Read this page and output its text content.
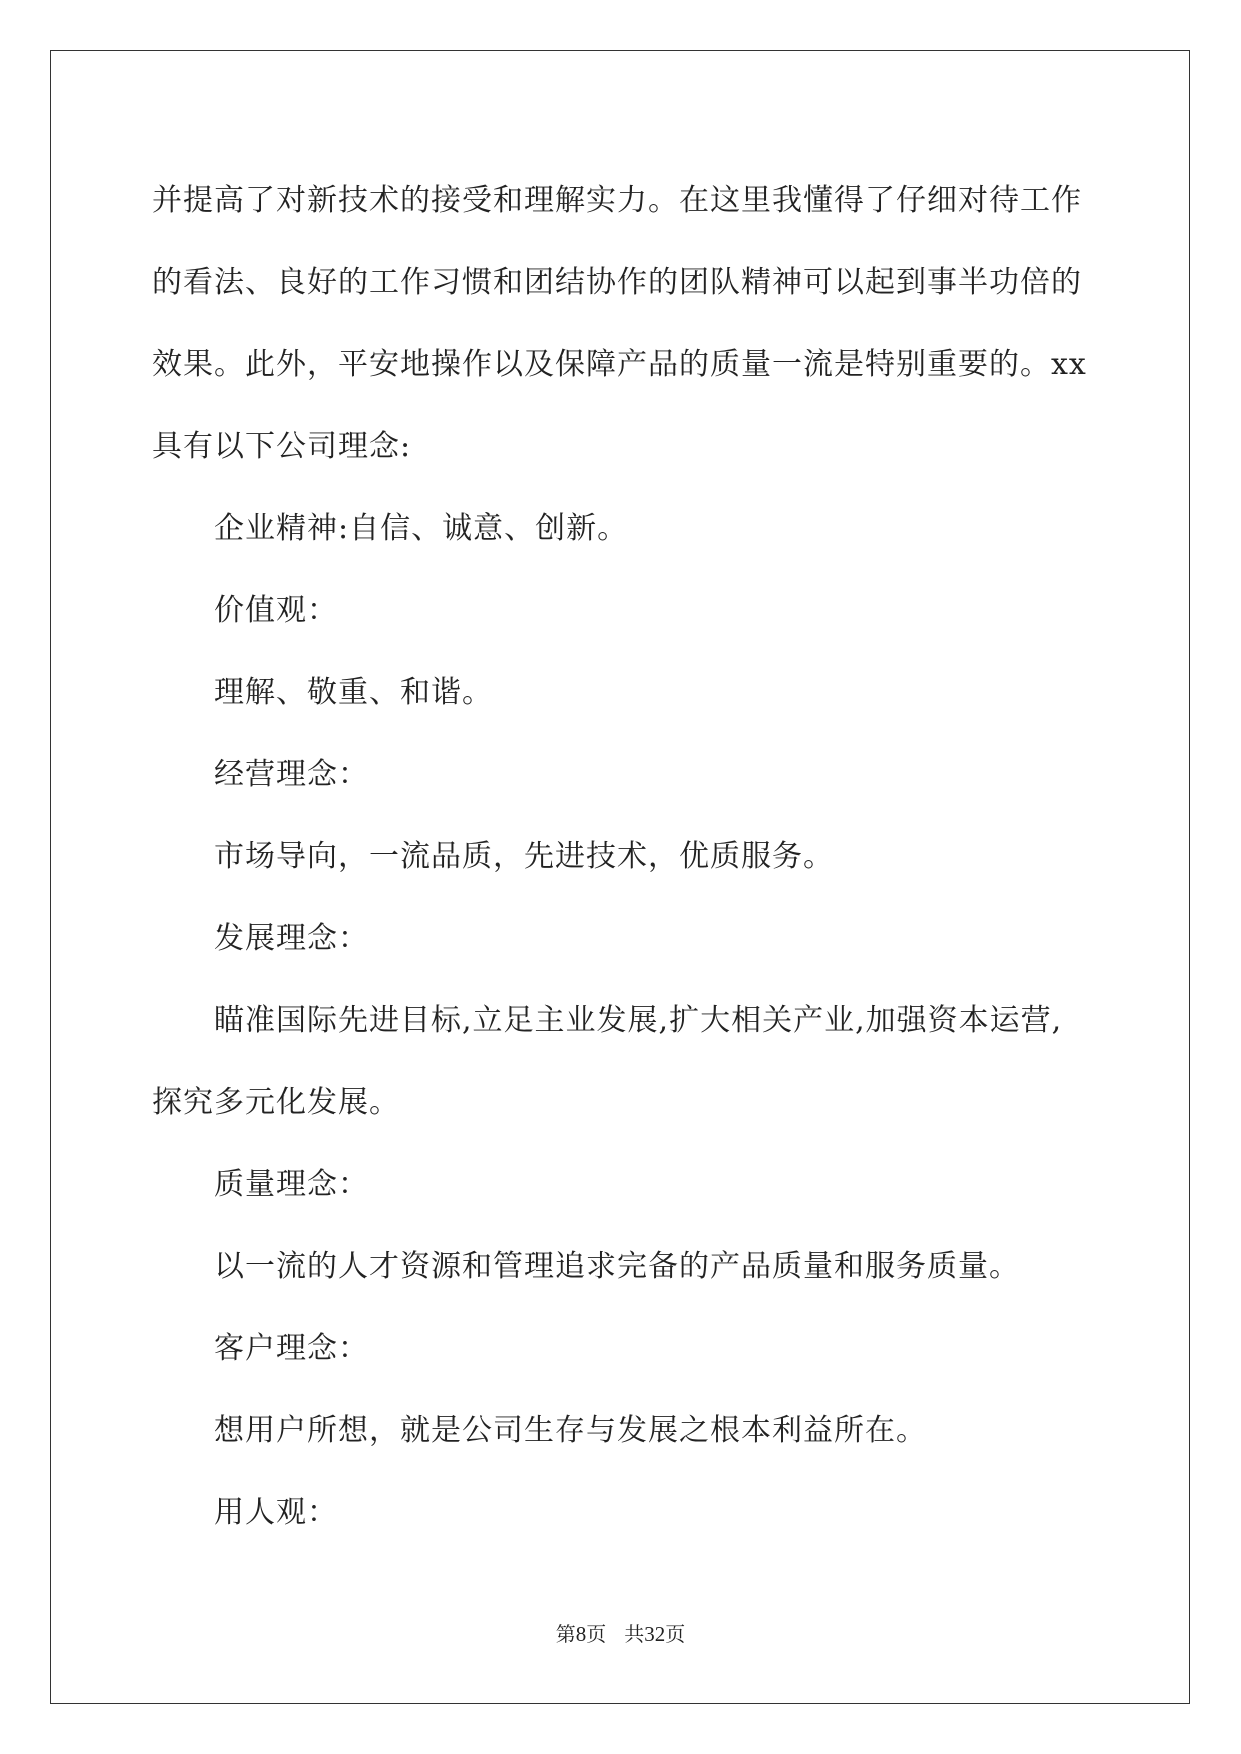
并提高了对新技术的接受和理解实力。在这里我懂得了仔细对待工作
的看法、良好的工作习惯和团结协作的团队精神可以起到事半功倍的
效果。此外，平安地操作以及保障产品的质量一流是特别重要的。xx
具有以下公司理念:
企业精神:自信、诚意、创新。
价值观：
理解、敬重、和谐。
经营理念：
市场导向，一流品质，先进技术，优质服务。
发展理念：
瞄准国际先进目标,立足主业发展,扩大相关产业,加强资本运营,
探究多元化发展。
质量理念：
以一流的人才资源和管理追求完备的产品质量和服务质量。
客户理念：
想用户所想，就是公司生存与发展之根本利益所在。
用人观：
第8页 共32页
